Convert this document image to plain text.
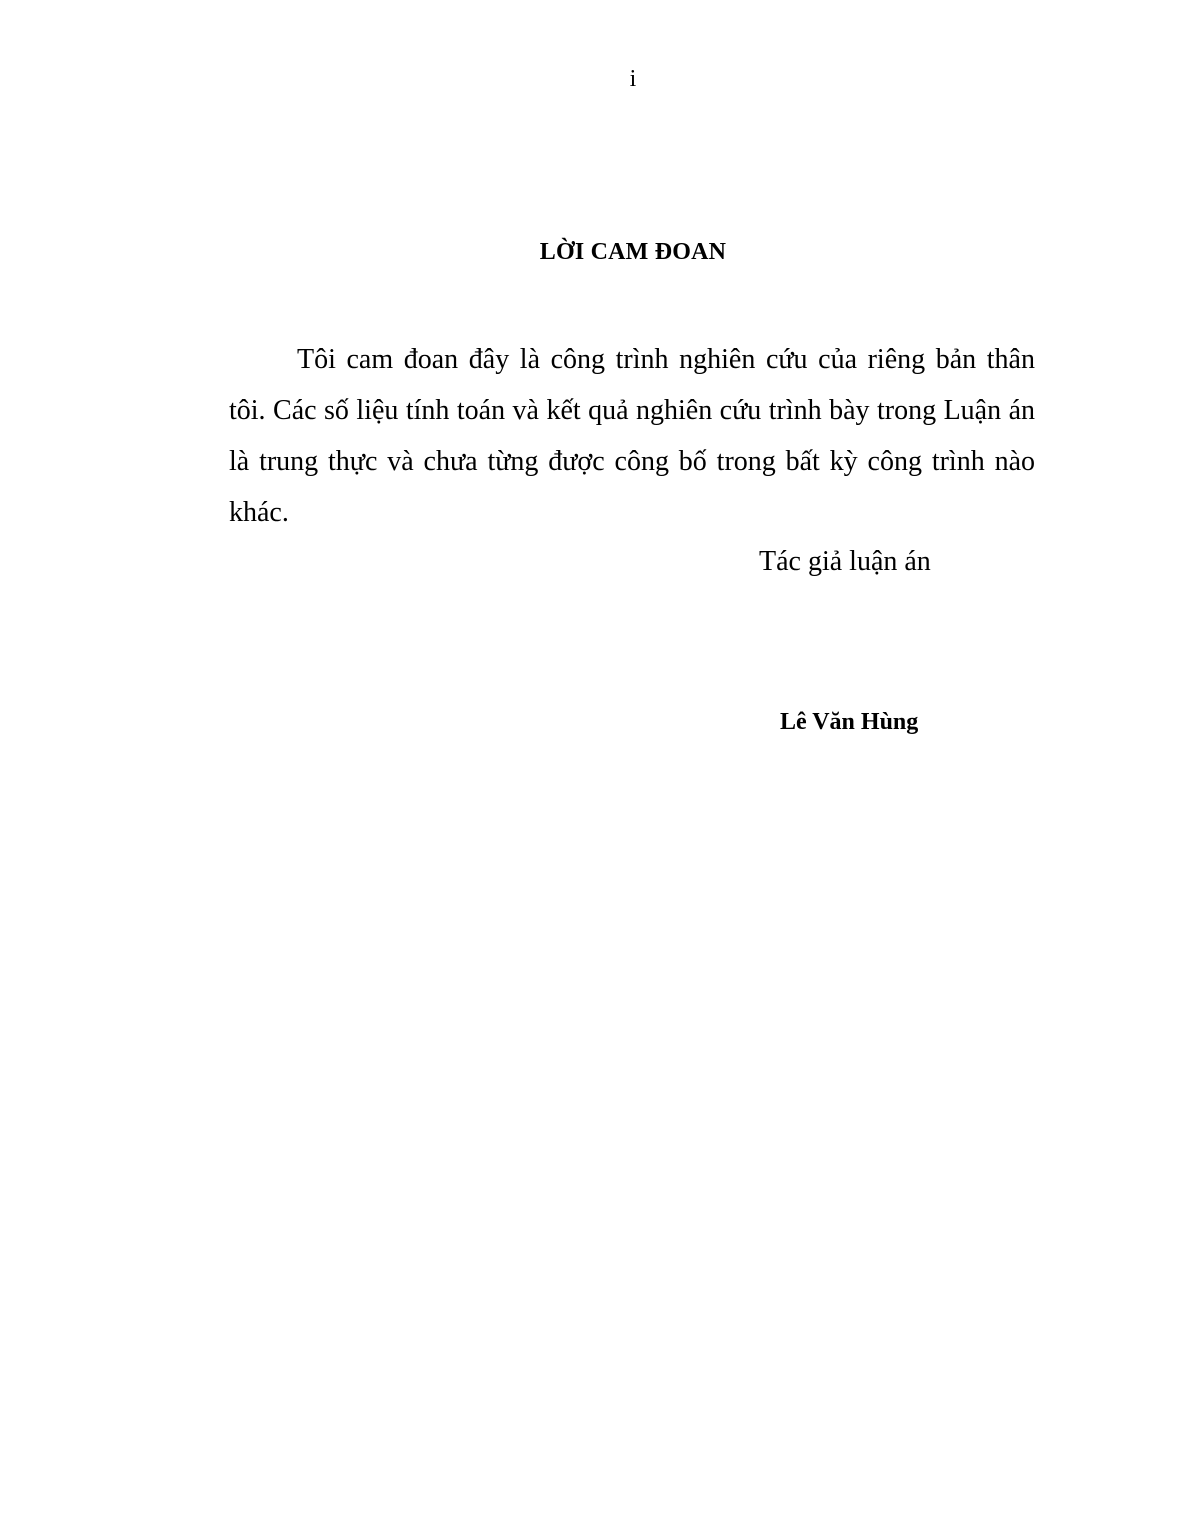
i
LỜI CAM ĐOAN

Tôi cam đoan đây là công trình nghiên cứu của riêng bản thân tôi. Các số liệu tính toán và kết quả nghiên cứu trình bày trong Luận án là trung thực và chưa từng được công bố trong bất kỳ công trình nào khác.

Tác giả luận án
Lê Văn Hùng
